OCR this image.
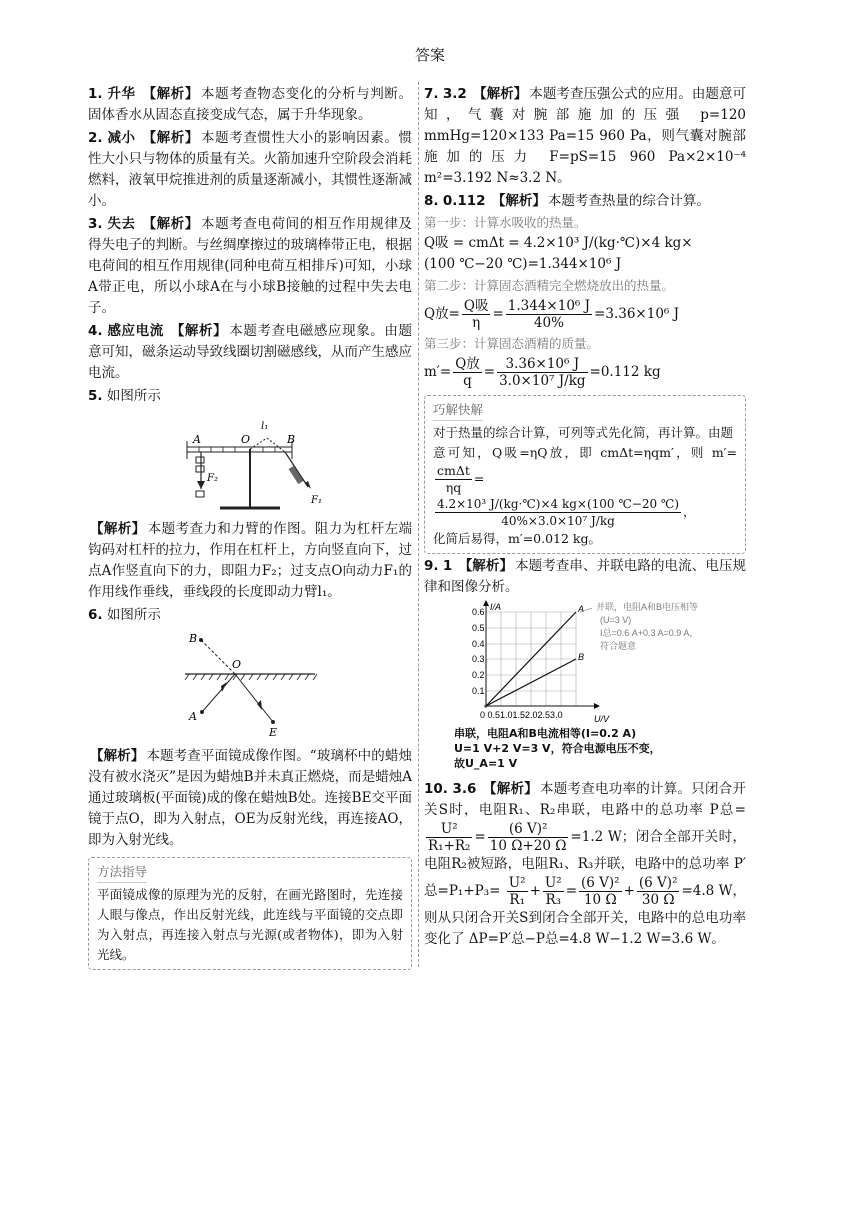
答案
1. 升华 【解析】 本题考查物态变化的分析与判断。固体香水从固态直接变成气态，属于升华现象。
2. 减小 【解析】 本题考查惯性大小的影响因素。惯性大小只与物体的质量有关。火箭加速升空阶段会消耗燃料，液氧甲烷推进剂的质量逐渐减小，其惯性逐渐减小。
3. 失去 【解析】 本题考查电荷间的相互作用规律及得失电子的判断。与丝绸摩擦过的玻璃棒带正电，根据电荷间的相互作用规律(同种电荷互相排斥)可知，小球A带正电，所以小球A在与小球B接触的过程中失去电子。
4. 感应电流 【解析】 本题考查电磁感应现象。由题意可知，磁条运动导致线圈切割磁感线，从而产生感应电流。
5. 如图所示
A	O
l₁
B
F₂
F₁
【解析】 本题考查力和力臂的作图。阻力为杠杆左端钩码对杠杆的拉力，作用在杠杆上，方向竖直向下，过点A作竖直向下的力，即阻力F₂；过支点O向动力F₁的作用线作垂线，垂线段的长度即动力臂l₁。
6. 如图所示
B
O
A
E
【解析】 本题考查平面镜成像作图。“玻璃杯中的蜡烛没有被水浇灭”是因为蜡烛B并未真正燃烧，而是蜡烛A通过玻璃板(平面镜)成的像在蜡烛B处。连接BE交平面镜于点O，即为入射点，OE为反射光线，再连接AO，即为入射光线。
方法指导
平面镜成像的原理为光的反射，在画光路图时，先连接人眼与像点，作出反射光线，此连线与平面镜的交点即为入射点，再连接入射点与光源(或者物体)，即为入射光线。
7. 3.2 【解析】 本题考查压强公式的应用。由题意可知，气囊对腕部施加的压强 p=120 mmHg=120×133 Pa=15 960 Pa，则气囊对腕部施加的压力 F=pS=15 960 Pa×2×10⁻⁴ m²=3.192 N≈3.2 N。
8. 0.112 【解析】 本题考查热量的综合计算。
第一步：计算水吸收的热量。
Q吸 = cmΔt = 4.2×10³ J/(kg·℃)×4 kg×
(100 ℃−20 ℃)=1.344×10⁶ J
第二步：计算固态酒精完全燃烧放出的热量。
Q放= $\frac{\text{Q吸}}{\eta} = \frac{\text{1.344×10⁶ J}}{40\%} =3.36\times 10^6$ J
第三步：计算固态酒精的质量。
$m'= \frac{\text{Q放}}{q} = \frac{\text{3.36×10⁶ J}}{\text{3.0×10⁷ J/kg}} =0.112$ kg
巧解快解
对于热量的综合计算，可列等式先化简，再计算。由题
意可知，Q吸=ηQ放，即 cmΔt=ηqm′，则 m′=
$\frac{\text{cmΔt}}{\eta q}$ =
$\frac{\text{4.2×10³ J/(kg·℃)×4 kg×(100 ℃−20 ℃)}}{\text{40\%×3.0×10⁷ J/kg}}$ ，
化简后易得，m′=0.012 kg。
9. 1 【解析】 本题考查串、并联电路的电流、电压规律和图像分析。
0.6
0.5
0.4
0.3
0.2
0.1
0 0.51.01.52.02.53.0
I/A
U/V
A
B
并联，电阻A和B电压相等
(U=3 V)
I总=0.6 A+0.3 A=0.9 A，
符合题意
串联，电阻A和B电流相等(I=0.2 A)
U=1 V+2 V=3 V，符合电源电压不变，
故U_A=1 V
10. 3.6 【解析】 本题考查电功率的计算。只闭合开关S时，电阻R₁、R₂串联，电路中的总功率 P总=
$\frac{\text{U²}}{\text{R₁+R₂}} = \frac{\text{(6 V)²}}{10 \Omega+20 \Omega} =1.2$ W；闭合全部开关时，电阻R₂被短路，电阻R₁、R₃并联，电路中的总功率 P′总$=P_1+P_3= \frac{\text{U²}}{\text{R₁}} + \frac{\text{U²}}{\text{R₃}} = \frac{\text{(6 V)²}}{10 \Omega} + \frac{\text{(6 V)²}}{30 \Omega} =4.8$ W，则从只闭合开关S到闭合全部开关，电路中的总电功率变化了 ΔP=P′总−P总=4.8 W−1.2 W=3.6 W。
